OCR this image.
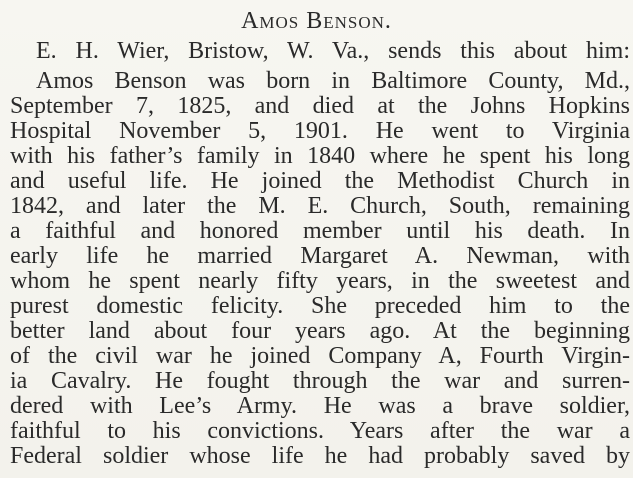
Amos Benson.
E. H. Wier, Bristow, W. Va., sends this about him:
Amos Benson was born in Baltimore County, Md.,
September 7, 1825, and died at the Johns Hopkins
Hospital November 5, 1901. He went to Virginia
with his father’s family in 1840 where he spent his long
and useful life. He joined the Methodist Church in
1842, and later the M. E. Church, South, remaining
a faithful and honored member until his death. In
early life he married Margaret A. Newman, with
whom he spent nearly fifty years, in the sweetest and
purest domestic felicity. She preceded him to the
better land about four years ago. At the beginning
of the civil war he joined Company A, Fourth Virgin-
ia Cavalry. He fought through the war and surren-
dered with Lee’s Army. He was a brave soldier,
faithful to his convictions. Years after the war a
Federal soldier whose life he had probably saved by
